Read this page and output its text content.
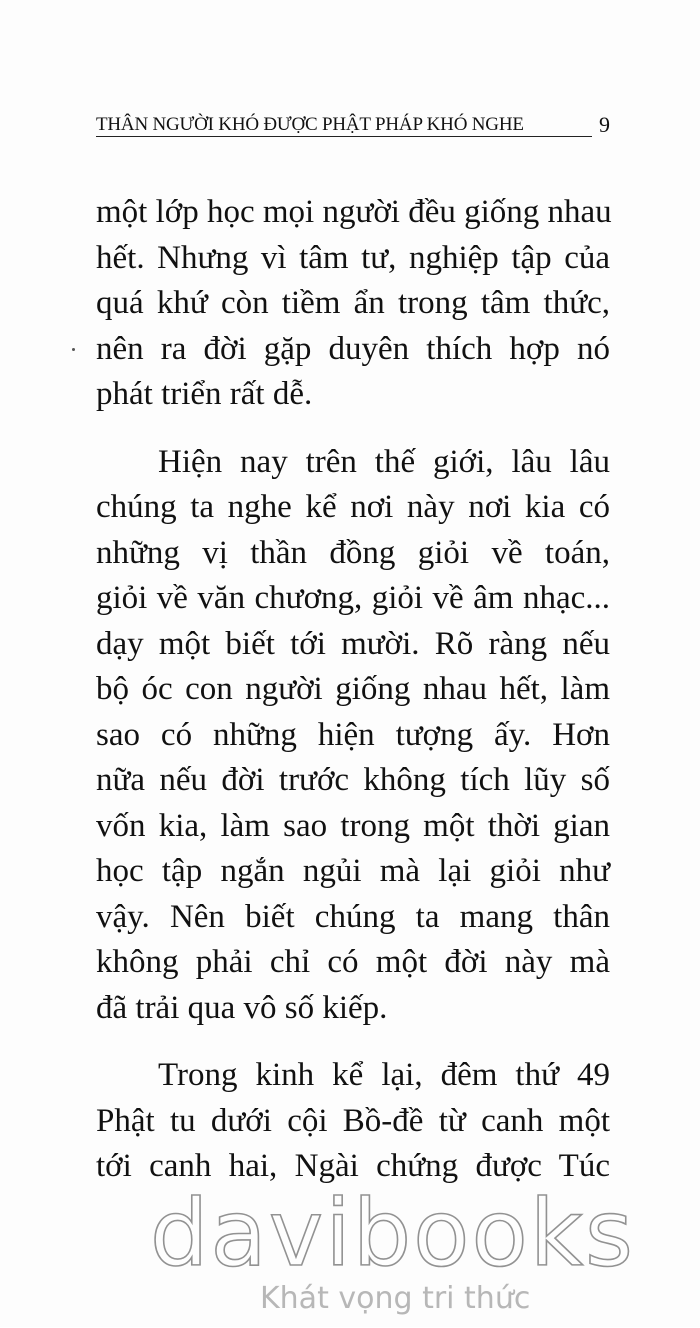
THÂN NGƯỜI KHÓ ĐƯỢC PHẬT PHÁP KHÓ NGHE	9

một lớp học mọi người đều giống nhau
hết. Nhưng vì tâm tư, nghiệp tập của
quá khứ còn tiềm ẩn trong tâm thức,
nên ra đời gặp duyên thích hợp nó
phát triển rất dễ.

Hiện nay trên thế giới, lâu lâu
chúng ta nghe kể nơi này nơi kia có
những vị thần đồng giỏi về toán,
giỏi về văn chương, giỏi về âm nhạc...
dạy một biết tới mười. Rõ ràng nếu
bộ óc con người giống nhau hết, làm
sao có những hiện tượng ấy. Hơn
nữa nếu đời trước không tích lũy số
vốn kia, làm sao trong một thời gian
học tập ngắn ngủi mà lại giỏi như
vậy. Nên biết chúng ta mang thân
không phải chỉ có một đời này mà
đã trải qua vô số kiếp.

Trong kinh kể lại, đêm thứ 49
Phật tu dưới cội Bồ-đề từ canh một
tới canh hai, Ngài chứng được Túc

davibooks
Khát vọng tri thức
